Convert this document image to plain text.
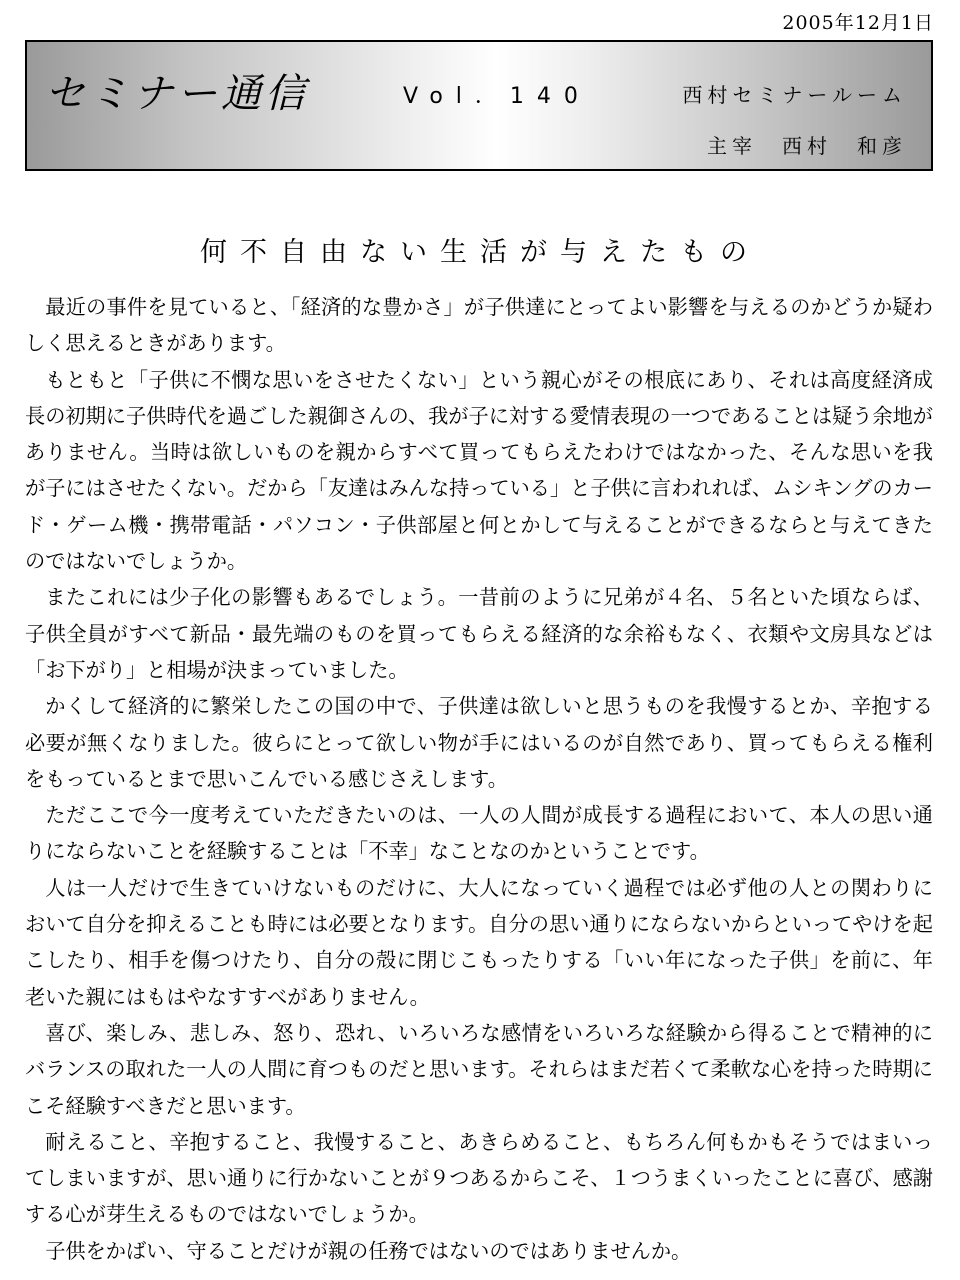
2005年12月1日
セミナー通信	Vol．140	西村セミナールーム
主宰　西村　和彦
何不自由ない生活が与えたもの

最近の事件を見ていると、「経済的な豊かさ」が子供達にとってよい影響を与えるのかどうか疑わしく思えるときがあります。

もともと「子供に不憫な思いをさせたくない」という親心がその根底にあり、それは高度経済成長の初期に子供時代を過ごした親御さんの、我が子に対する愛情表現の一つであることは疑う余地がありません。当時は欲しいものを親からすべて買ってもらえたわけではなかった、そんな思いを我が子にはさせたくない。だから「友達はみんな持っている」と子供に言われれば、ムシキングのカード・ゲーム機・携帯電話・パソコン・子供部屋と何とかして与えることができるならと与えてきたのではないでしょうか。

またこれには少子化の影響もあるでしょう。一昔前のように兄弟が４名、５名といた頃ならば、子供全員がすべて新品・最先端のものを買ってもらえる経済的な余裕もなく、衣類や文房具などは「お下がり」と相場が決まっていました。

かくして経済的に繁栄したこの国の中で、子供達は欲しいと思うものを我慢するとか、辛抱する必要が無くなりました。彼らにとって欲しい物が手にはいるのが自然であり、買ってもらえる権利をもっているとまで思いこんでいる感じさえします。

ただここで今一度考えていただきたいのは、一人の人間が成長する過程において、本人の思い通りにならないことを経験することは「不幸」なことなのかということです。

人は一人だけで生きていけないものだけに、大人になっていく過程では必ず他の人との関わりにおいて自分を抑えることも時には必要となります。自分の思い通りにならないからといってやけを起こしたり、相手を傷つけたり、自分の殻に閉じこもったりする「いい年になった子供」を前に、年老いた親にはもはやなすすべがありません。

喜び、楽しみ、悲しみ、怒り、恐れ、いろいろな感情をいろいろな経験から得ることで精神的にバランスの取れた一人の人間に育つものだと思います。それらはまだ若くて柔軟な心を持った時期にこそ経験すべきだと思います。

耐えること、辛抱すること、我慢すること、あきらめること、もちろん何もかもそうではまいってしまいますが、思い通りに行かないことが９つあるからこそ、１つうまくいったことに喜び、感謝する心が芽生えるものではないでしょうか。

子供をかばい、守ることだけが親の任務ではないのではありませんか。
